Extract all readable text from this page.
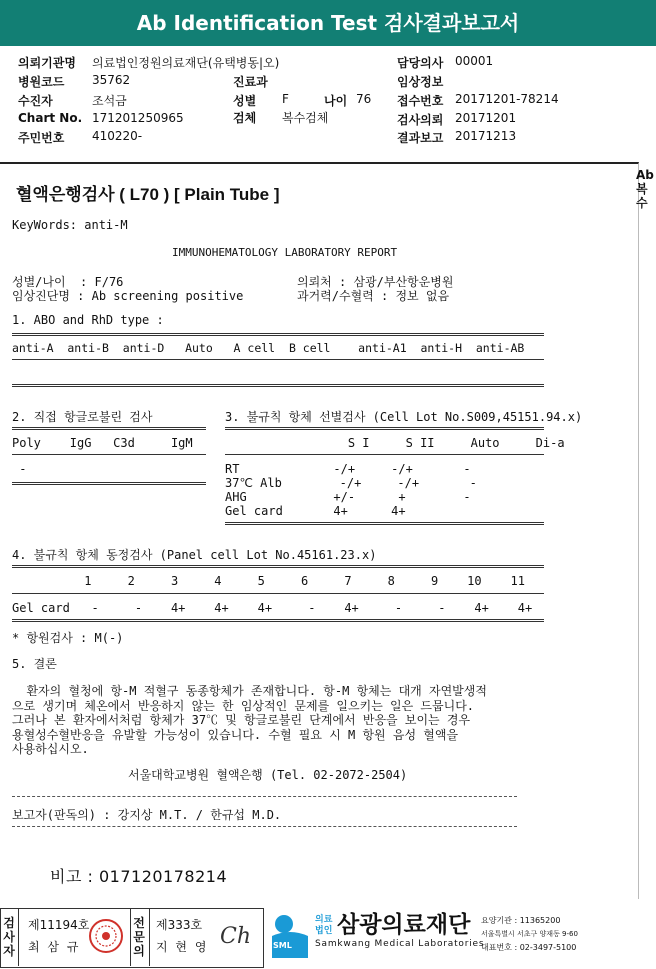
Ab Identification Test 검사결과보고서
의뢰기관명 의료법인정원의료재단(유택병동|오)	담당의사 00001
병원코드 35762	진료과	임상정보
수진자	조석금	성별 F	나이 76 접수번호 20171201-78214
Chart No. 171201250965	검체 복수검체	검사의뢰 20171201
주민번호 410220-	결과보고 20171213
Ab
복수
혈액은행검사 ( L70 ) [ Plain Tube ]
KeyWords: anti-M
IMMUNOHEMATOLOGY LABORATORY REPORT
성별/나이  : F/76	의뢰처 : 삼광/부산항운병원
임상진단명 : Ab screening positive	과거력/수혈력 : 정보 없음
1. ABO and RhD type :
anti-A  anti-B  anti-D   Auto   A cell  B cell    anti-A1  anti-H  anti-AB
2. 직접 항글로불린 검사
Poly    IgG   C3d     IgM
-
3. 불규칙 항체 선별검사 (Cell Lot No.S009,45151.94.x)
S I     S II     Auto     Di-a
RT             -/+     -/+       -
37℃ Alb        -/+     -/+       -
AHG            +/-      +        -
Gel card       4+      4+
4. 불규칙 항체 동정검사 (Panel cell Lot No.45161.23.x)
1     2     3     4     5     6     7     8     9    10    11
Gel card   -     -    4+    4+    4+     -    4+     -     -    4+    4+
* 항원검사 : M(-)
5. 결론
환자의 혈청에 항-M 적혈구 동종항체가 존재합니다. 항-M 항체는 대개 자연발생적
으로 생기며 체온에서 반응하지 않는 한 임상적인 문제를 일으키는 일은 드뭅니다.
그러나 본 환자에서처럼 항체가 37℃ 및 항글로불린 단계에서 반응을 보이는 경우
용혈성수혈반응을 유발할 가능성이 있습니다. 수혈 필요 시 M 항원 음성 혈액을
사용하십시오.
서울대학교병원 혈액은행 (Tel. 02-2072-2504)
보고자(판독의) : 강지상 M.T. / 한규섭 M.D.
비고 : 017120178214
검사자
제11194호
최 삼 규
전문의
제333호
지 현 영 Ch	SML
의료
법인 삼광의료재단
Samkwang Medical Laboratories
요양기관 : 11365200
서울특별시 서초구 양재동 9-60
대표번호 : 02-3497-5100
